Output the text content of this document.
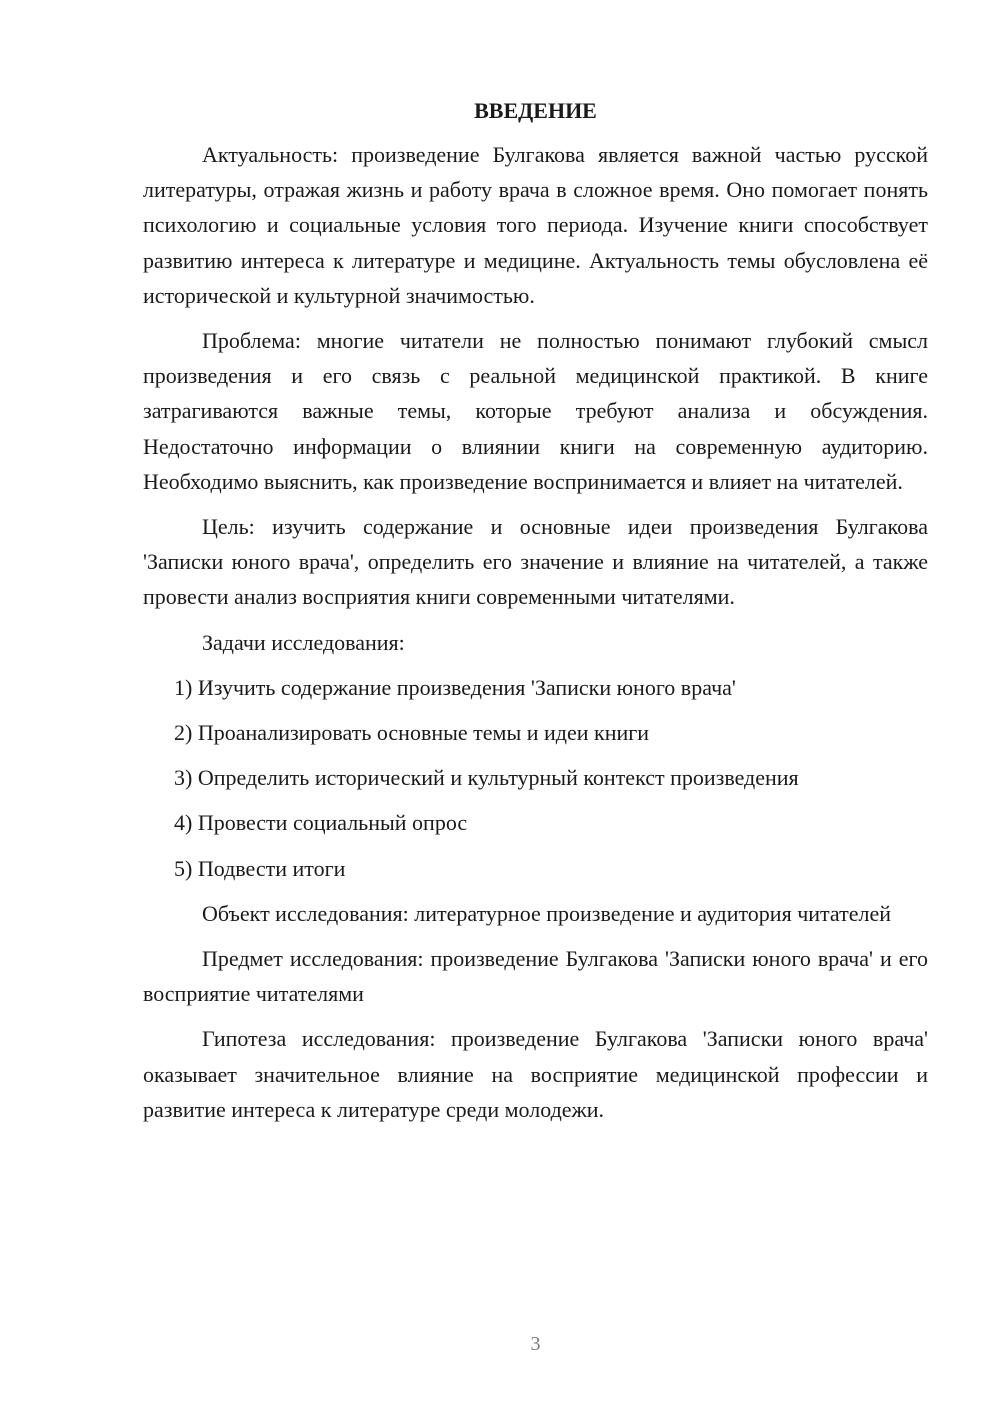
ВВЕДЕНИЕ

Актуальность: произведение Булгакова является важной частью русской литературы, отражая жизнь и работу врача в сложное время. Оно помогает понять психологию и социальные условия того периода. Изучение книги способствует развитию интереса к литературе и медицине. Актуальность темы обусловлена её исторической и культурной значимостью.

Проблема: многие читатели не полностью понимают глубокий смысл произведения и его связь с реальной медицинской практикой. В книге затрагиваются важные темы, которые требуют анализа и обсуждения. Недостаточно информации о влиянии книги на современную аудиторию. Необходимо выяснить, как произведение воспринимается и влияет на читателей.

Цель: изучить содержание и основные идеи произведения Булгакова 'Записки юного врача', определить его значение и влияние на читателей, а также провести анализ восприятия книги современными читателями.

Задачи исследования:

1) Изучить содержание произведения 'Записки юного врача'
2) Проанализировать основные темы и идеи книги
3) Определить исторический и культурный контекст произведения
4) Провести социальный опрос
5) Подвести итоги

Объект исследования: литературное произведение и аудитория читателей

Предмет исследования: произведение Булгакова 'Записки юного врача' и его восприятие читателями

Гипотеза исследования: произведение Булгакова 'Записки юного врача' оказывает значительное влияние на восприятие медицинской профессии и развитие интереса к литературе среди молодежи.

3
